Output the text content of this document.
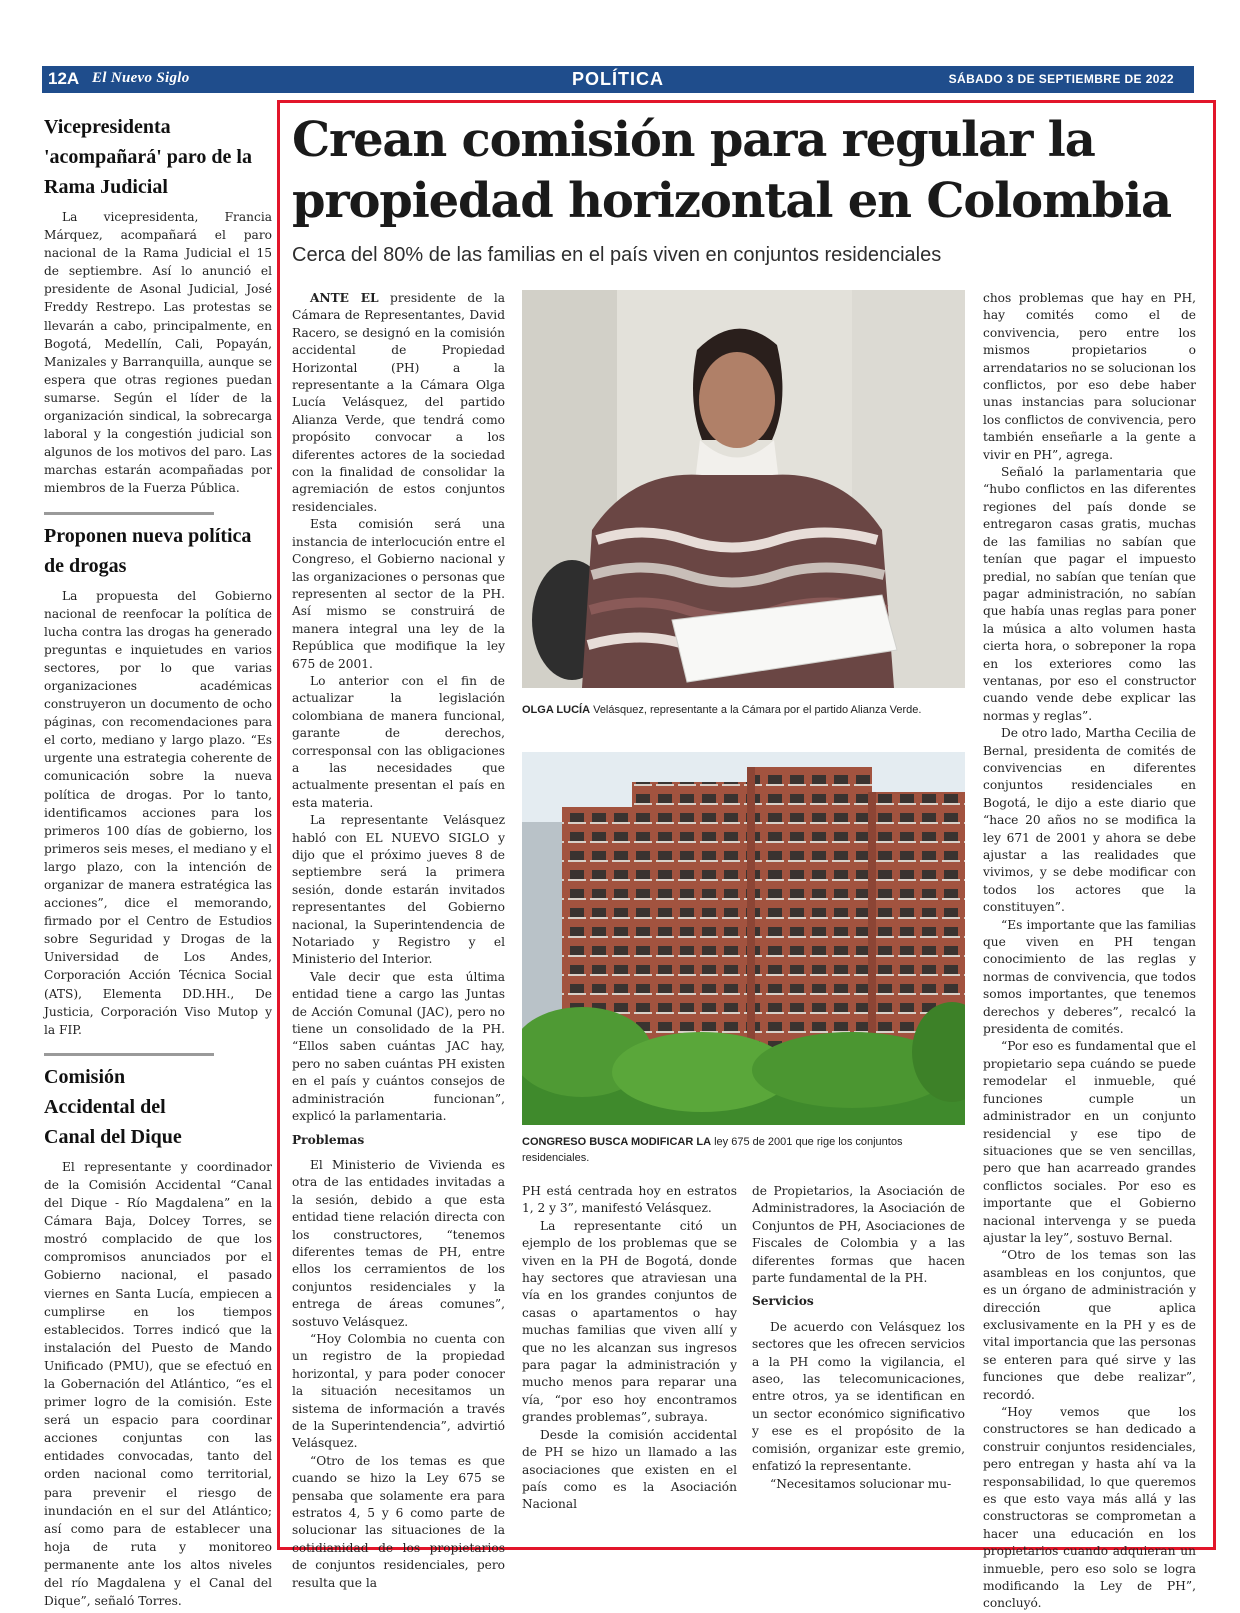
12A El Nuevo Siglo	POLÍTICA	SÁBADO 3 DE SEPTIEMBRE DE 2022
Vicepresidenta 'acompañará' paro de la Rama Judicial

La vicepresidenta, Francia Márquez, acompañará el paro nacional de la Rama Judicial el 15 de septiembre. Así lo anunció el presidente de Asonal Judicial, José Freddy Restrepo. Las protestas se llevarán a cabo, principalmente, en Bogotá, Medellín, Cali, Popayán, Manizales y Barranquilla, aunque se espera que otras regiones puedan sumarse. Según el líder de la organización sindical, la sobrecarga laboral y la congestión judicial son algunos de los motivos del paro. Las marchas estarán acompañadas por miembros de la Fuerza Pública.

Proponen nueva política de drogas

La propuesta del Gobierno nacional de reenfocar la política de lucha contra las drogas ha generado preguntas e inquietudes en varios sectores, por lo que varias organizaciones académicas construyeron un documento de ocho páginas, con recomendaciones para el corto, mediano y largo plazo. “Es urgente una estrategia coherente de comunicación sobre la nueva política de drogas. Por lo tanto, identificamos acciones para los primeros 100 días de gobierno, los primeros seis meses, el mediano y el largo plazo, con la intención de organizar de manera estratégica las acciones”, dice el memorando, firmado por el Centro de Estudios sobre Seguridad y Drogas de la Universidad de Los Andes, Corporación Acción Técnica Social (ATS), Elementa DD.HH., De Justicia, Corporación Viso Mutop y la FIP.

Comisión Accidental del Canal del Dique

El representante y coordinador de la Comisión Accidental “Canal del Dique - Río Magdalena” en la Cámara Baja, Dolcey Torres, se mostró complacido de que los compromisos anunciados por el Gobierno nacional, el pasado viernes en Santa Lucía, empiecen a cumplirse en los tiempos establecidos. Torres indicó que la instalación del Puesto de Mando Unificado (PMU), que se efectuó en la Gobernación del Atlántico, “es el primer logro de la comisión. Este será un espacio para coordinar acciones conjuntas con las entidades convocadas, tanto del orden nacional como territorial, para prevenir el riesgo de inundación en el sur del Atlántico; así como para de establecer una hoja de ruta y monitoreo permanente ante los altos niveles del río Magdalena y el Canal del Dique”, señaló Torres.

Crean comisión para regular la propiedad horizontal en Colombia
Cerca del 80% de las familias en el país viven en conjuntos residenciales

ANTE EL presidente de la Cámara de Representantes, David Racero, se designó en la comisión accidental de Propiedad Horizontal (PH) a la representante a la Cámara Olga Lucía Velásquez, del partido Alianza Verde, que tendrá como propósito convocar a los diferentes actores de la sociedad con la finalidad de consolidar la agremiación de estos conjuntos residenciales.

Esta comisión será una instancia de interlocución entre el Congreso, el Gobierno nacional y las organizaciones o personas que representen al sector de la PH. Así mismo se construirá de manera integral una ley de la República que modifique la ley 675 de 2001.

Lo anterior con el fin de actualizar la legislación colombiana de manera funcional, garante de derechos, corresponsal con las obligaciones a las necesidades que actualmente presentan el país en esta materia.

La representante Velásquez habló con EL NUEVO SIGLO y dijo que el próximo jueves 8 de septiembre será la primera sesión, donde estarán invitados representantes del Gobierno nacional, la Superintendencia de Notariado y Registro y el Ministerio del Interior.

Vale decir que esta última entidad tiene a cargo las Juntas de Acción Comunal (JAC), pero no tiene un consolidado de la PH. “Ellos saben cuántas JAC hay, pero no saben cuántas PH existen en el país y cuántos consejos de administración funcionan”, explicó la parlamentaria.

Problemas

El Ministerio de Vivienda es otra de las entidades invitadas a la sesión, debido a que esta entidad tiene relación directa con los constructores, “tenemos diferentes temas de PH, entre ellos los cerramientos de los conjuntos residenciales y la entrega de áreas comunes”, sostuvo Velásquez.

“Hoy Colombia no cuenta con un registro de la propiedad horizontal, y para poder conocer la situación necesitamos un sistema de información a través de la Superintendencia”, advirtió Velásquez.

“Otro de los temas es que cuando se hizo la Ley 675 se pensaba que solamente era para estratos 4, 5 y 6 como parte de solucionar las situaciones de la cotidianidad de los propietarios de conjuntos residenciales, pero resulta que la

OLGA LUCÍA Velásquez, representante a la Cámara por el partido Alianza Verde.
CONGRESO BUSCA MODIFICAR LA ley 675 de 2001 que rige los conjuntos residenciales.

PH está centrada hoy en estratos 1, 2 y 3”, manifestó Velásquez.

La representante citó un ejemplo de los problemas que se viven en la PH de Bogotá, donde hay sectores que atraviesan una vía en los grandes conjuntos de casas o apartamentos o hay muchas familias que viven allí y que no les alcanzan sus ingresos para pagar la administración y mucho menos para reparar una vía, “por eso hoy encontramos grandes problemas”, subraya.

Desde la comisión accidental de PH se hizo un llamado a las asociaciones que existen en el país como es la Asociación Nacional

de Propietarios, la Asociación de Administradores, la Asociación de Conjuntos de PH, Asociaciones de Fiscales de Colombia y a las diferentes formas que hacen parte fundamental de la PH.

Servicios

De acuerdo con Velásquez los sectores que les ofrecen servicios a la PH como la vigilancia, el aseo, las telecomunicaciones, entre otros, ya se identifican en un sector económico significativo y ese es el propósito de la comisión, organizar este gremio, enfatizó la representante.

“Necesitamos solucionar mu-

chos problemas que hay en PH, hay comités como el de convivencia, pero entre los mismos propietarios o arrendatarios no se solucionan los conflictos, por eso debe haber unas instancias para solucionar los conflictos de convivencia, pero también enseñarle a la gente a vivir en PH”, agrega.

Señaló la parlamentaria que “hubo conflictos en las diferentes regiones del país donde se entregaron casas gratis, muchas de las familias no sabían que tenían que pagar el impuesto predial, no sabían que tenían que pagar administración, no sabían que había unas reglas para poner la música a alto volumen hasta cierta hora, o sobreponer la ropa en los exteriores como las ventanas, por eso el constructor cuando vende debe explicar las normas y reglas”.

De otro lado, Martha Cecilia de Bernal, presidenta de comités de convivencias en diferentes conjuntos residenciales en Bogotá, le dijo a este diario que “hace 20 años no se modifica la ley 671 de 2001 y ahora se debe ajustar a las realidades que vivimos, y se debe modificar con todos los actores que la constituyen”.

“Es importante que las familias que viven en PH tengan conocimiento de las reglas y normas de convivencia, que todos somos importantes, que tenemos derechos y deberes”, recalcó la presidenta de comités.

“Por eso es fundamental que el propietario sepa cuándo se puede remodelar el inmueble, qué funciones cumple un administrador en un conjunto residencial y ese tipo de situaciones que se ven sencillas, pero que han acarreado grandes conflictos sociales. Por eso es importante que el Gobierno nacional intervenga y se pueda ajustar la ley”, sostuvo Bernal.

“Otro de los temas son las asambleas en los conjuntos, que es un órgano de administración y dirección que aplica exclusivamente en la PH y es de vital importancia que las personas se enteren para qué sirve y las funciones que debe realizar”, recordó.

“Hoy vemos que los constructores se han dedicado a construir conjuntos residenciales, pero entregan y hasta ahí va la responsabilidad, lo que queremos es que esto vaya más allá y las constructoras se comprometan a hacer una educación en los propietarios cuando adquieran un inmueble, pero eso solo se logra modificando la Ley de PH”, concluyó.
